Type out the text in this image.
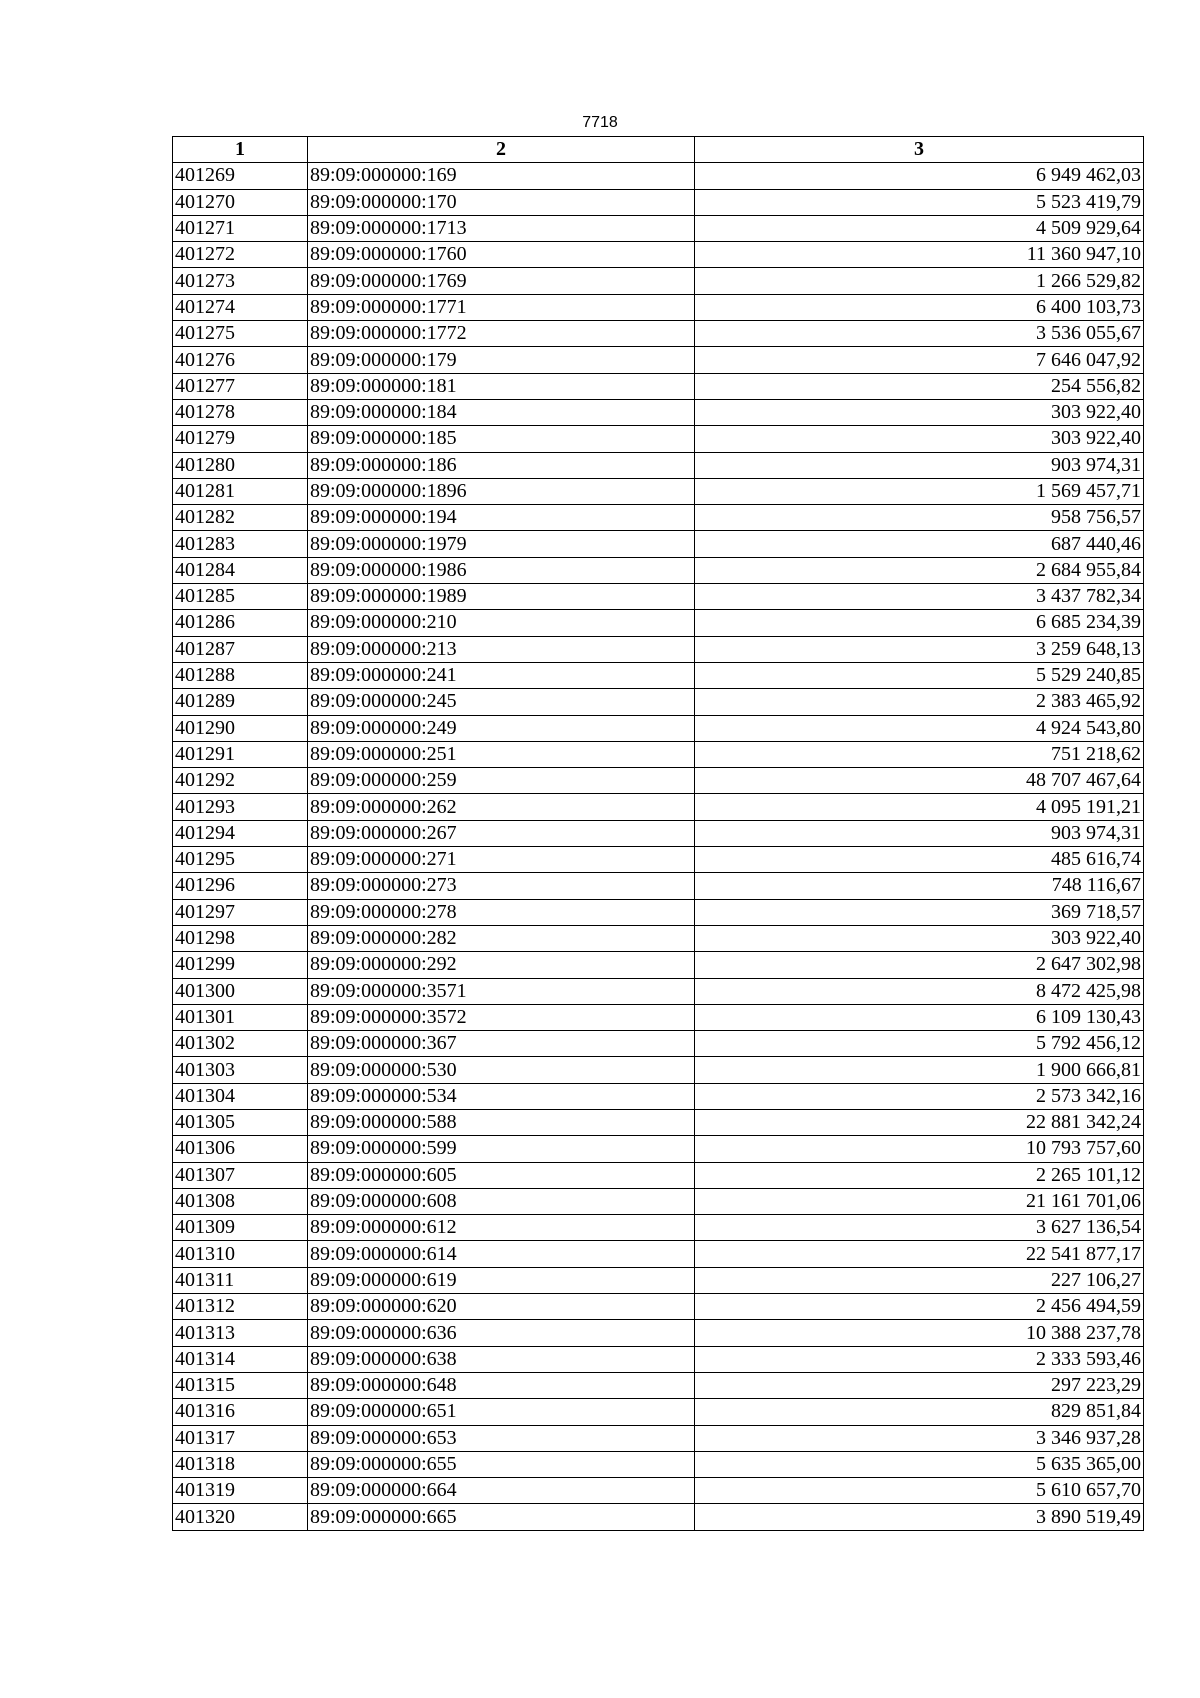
7718
1	2	3
401269	89:09:000000:169	6 949 462,03
401270	89:09:000000:170	5 523 419,79
401271	89:09:000000:1713	4 509 929,64
401272	89:09:000000:1760	11 360 947,10
401273	89:09:000000:1769	1 266 529,82
401274	89:09:000000:1771	6 400 103,73
401275	89:09:000000:1772	3 536 055,67
401276	89:09:000000:179	7 646 047,92
401277	89:09:000000:181	254 556,82
401278	89:09:000000:184	303 922,40
401279	89:09:000000:185	303 922,40
401280	89:09:000000:186	903 974,31
401281	89:09:000000:1896	1 569 457,71
401282	89:09:000000:194	958 756,57
401283	89:09:000000:1979	687 440,46
401284	89:09:000000:1986	2 684 955,84
401285	89:09:000000:1989	3 437 782,34
401286	89:09:000000:210	6 685 234,39
401287	89:09:000000:213	3 259 648,13
401288	89:09:000000:241	5 529 240,85
401289	89:09:000000:245	2 383 465,92
401290	89:09:000000:249	4 924 543,80
401291	89:09:000000:251	751 218,62
401292	89:09:000000:259	48 707 467,64
401293	89:09:000000:262	4 095 191,21
401294	89:09:000000:267	903 974,31
401295	89:09:000000:271	485 616,74
401296	89:09:000000:273	748 116,67
401297	89:09:000000:278	369 718,57
401298	89:09:000000:282	303 922,40
401299	89:09:000000:292	2 647 302,98
401300	89:09:000000:3571	8 472 425,98
401301	89:09:000000:3572	6 109 130,43
401302	89:09:000000:367	5 792 456,12
401303	89:09:000000:530	1 900 666,81
401304	89:09:000000:534	2 573 342,16
401305	89:09:000000:588	22 881 342,24
401306	89:09:000000:599	10 793 757,60
401307	89:09:000000:605	2 265 101,12
401308	89:09:000000:608	21 161 701,06
401309	89:09:000000:612	3 627 136,54
401310	89:09:000000:614	22 541 877,17
401311	89:09:000000:619	227 106,27
401312	89:09:000000:620	2 456 494,59
401313	89:09:000000:636	10 388 237,78
401314	89:09:000000:638	2 333 593,46
401315	89:09:000000:648	297 223,29
401316	89:09:000000:651	829 851,84
401317	89:09:000000:653	3 346 937,28
401318	89:09:000000:655	5 635 365,00
401319	89:09:000000:664	5 610 657,70
401320	89:09:000000:665	3 890 519,49
